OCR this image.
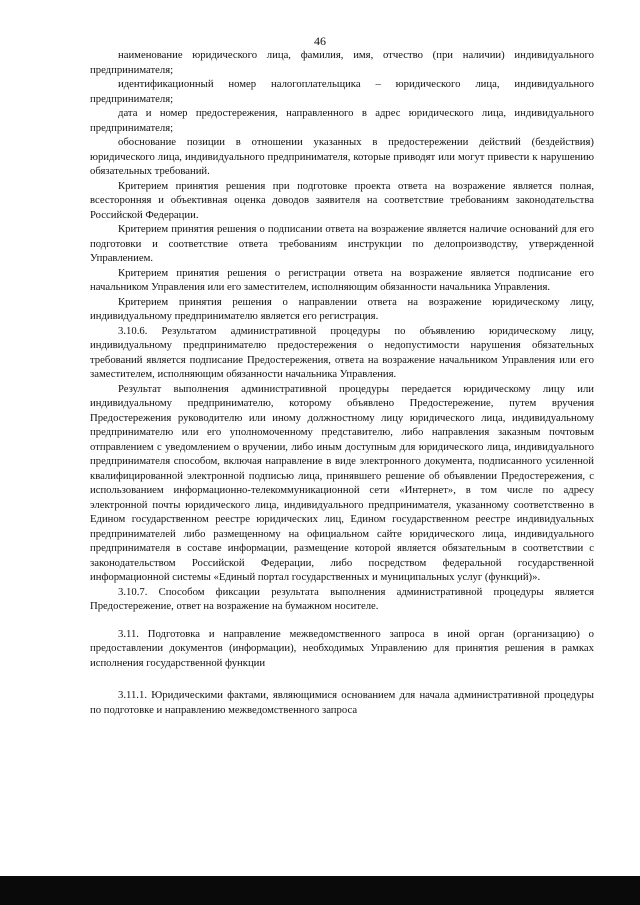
46

наименование юридического лица, фамилия, имя, отчество (при наличии) индивидуального предпринимателя;

идентификационный номер налогоплательщика – юридического лица, индивидуального предпринимателя;

дата и номер предостережения, направленного в адрес юридического лица, индивидуального предпринимателя;

обоснование позиции в отношении указанных в предостережении действий (бездействия) юридического лица, индивидуального предпринимателя, которые приводят или могут привести к нарушению обязательных требований.

Критерием принятия решения при подготовке проекта ответа на возражение является полная, всесторонняя и объективная оценка доводов заявителя на соответствие требованиям законодательства Российской Федерации.

Критерием принятия решения о подписании ответа на возражение является наличие оснований для его подготовки и соответствие ответа требованиям инструкции по делопроизводству, утвержденной Управлением.

Критерием принятия решения о регистрации ответа на возражение является подписание его начальником Управления или его заместителем, исполняющим обязанности начальника Управления.

Критерием принятия решения о направлении ответа на возражение юридическому лицу, индивидуальному предпринимателю является его регистрация.

3.10.6. Результатом административной процедуры по объявлению юридическому лицу, индивидуальному предпринимателю предостережения о недопустимости нарушения обязательных требований является подписание Предостережения, ответа на возражение начальником Управления или его заместителем, исполняющим обязанности начальника Управления.

Результат выполнения административной процедуры передается юридическому лицу или индивидуальному предпринимателю, которому объявлено Предостережение, путем вручения Предостережения руководителю или иному должностному лицу юридического лица, индивидуальному предпринимателю или его уполномоченному представителю, либо направления заказным почтовым отправлением с уведомлением о вручении, либо иным доступным для юридического лица, индивидуального предпринимателя способом, включая направление в виде электронного документа, подписанного усиленной квалифицированной электронной подписью лица, принявшего решение об объявлении Предостережения, с использованием информационно-телекоммуникационной сети «Интернет», в том числе по адресу электронной почты юридического лица, индивидуального предпринимателя, указанному соответственно в Едином государственном реестре юридических лиц, Едином государственном реестре индивидуальных предпринимателей либо размещенному на официальном сайте юридического лица, индивидуального предпринимателя в составе информации, размещение которой является обязательным в соответствии с законодательством Российской Федерации, либо посредством федеральной государственной информационной системы «Единый портал государственных и муниципальных услуг (функций)».

3.10.7. Способом фиксации результата выполнения административной процедуры является Предостережение, ответ на возражение на бумажном носителе.

3.11. Подготовка и направление межведомственного запроса в иной орган (организацию) о предоставлении документов (информации), необходимых Управлению для принятия решения в рамках исполнения государственной функции

3.11.1. Юридическими фактами, являющимися основанием для начала административной процедуры по подготовке и направлению межведомственного запроса
